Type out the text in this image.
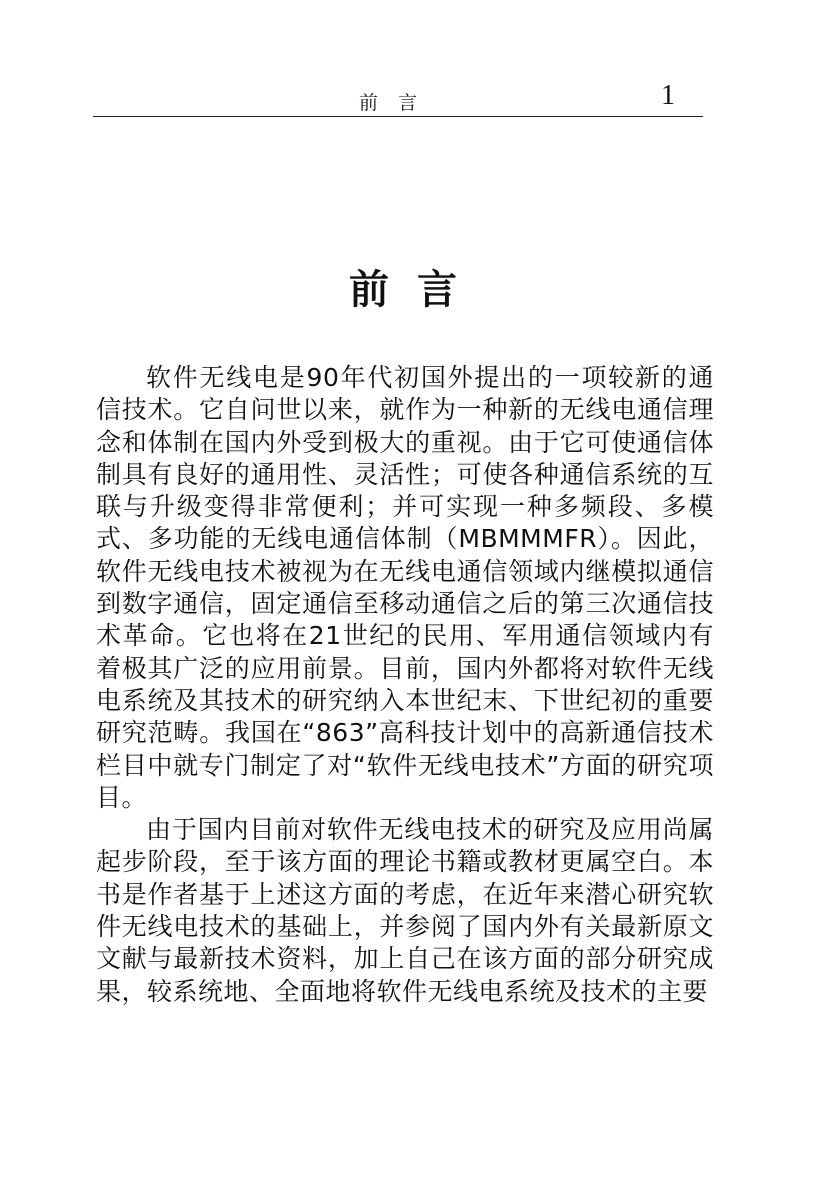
前言	1
前言

软件无线电是90年代初国外提出的一项较新的通信技术。它自问世以来，就作为一种新的无线电通信理念和体制在国内外受到极大的重视。由于它可使通信体制具有良好的通用性、灵活性；可使各种通信系统的互联与升级变得非常便利；并可实现一种多频段、多模式、多功能的无线电通信体制（MBMMMFR）。因此，软件无线电技术被视为在无线电通信领域内继模拟通信到数字通信，固定通信至移动通信之后的第三次通信技术革命。它也将在21世纪的民用、军用通信领域内有着极其广泛的应用前景。目前，国内外都将对软件无线电系统及其技术的研究纳入本世纪末、下世纪初的重要研究范畴。我国在“863”高科技计划中的高新通信技术栏目中就专门制定了对“软件无线电技术”方面的研究项目。

由于国内目前对软件无线电技术的研究及应用尚属起步阶段，至于该方面的理论书籍或教材更属空白。本书是作者基于上述这方面的考虑，在近年来潜心研究软件无线电技术的基础上，并参阅了国内外有关最新原文文献与最新技术资料，加上自己在该方面的部分研究成果，较系统地、全面地将软件无线电系统及技术的主要
